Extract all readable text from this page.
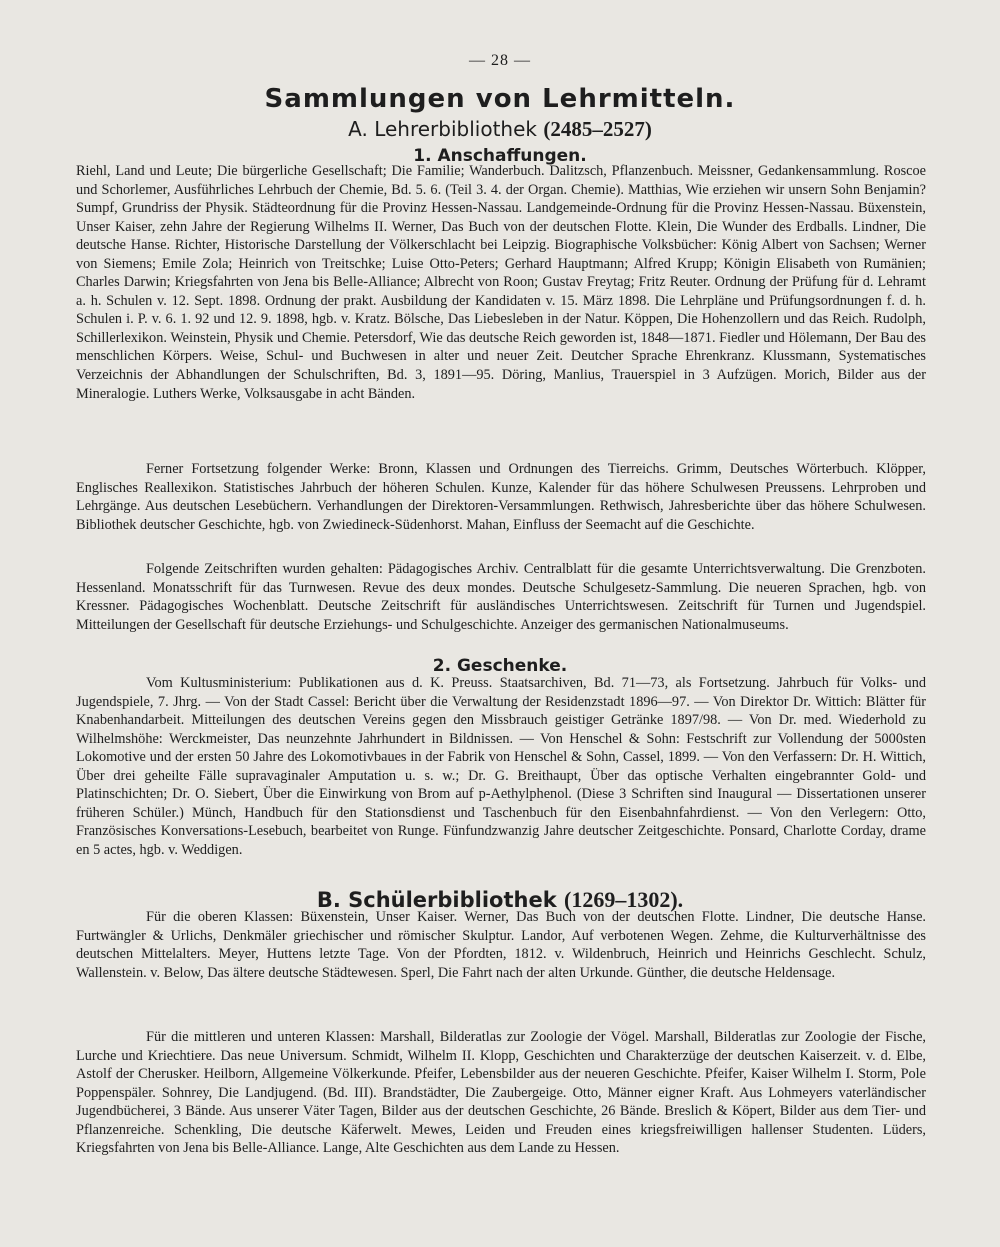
— 28 —
Sammlungen von Lehrmitteln.
A. Lehrerbibliothek (2485–2527)
1. Anschaffungen.

Riehl, Land und Leute; Die bürgerliche Gesellschaft; Die Familie; Wanderbuch. Dalitzsch, Pflanzenbuch. Meissner, Gedankensammlung. Roscoe und Schorlemer, Ausführliches Lehrbuch der Chemie, Bd. 5. 6. (Teil 3. 4. der Organ. Chemie). Matthias, Wie erziehen wir unsern Sohn Benjamin? Sumpf, Grundriss der Physik. Städteordnung für die Provinz Hessen-Nassau. Landgemeinde-Ordnung für die Provinz Hessen-Nassau. Büxenstein, Unser Kaiser, zehn Jahre der Regierung Wilhelms II. Werner, Das Buch von der deutschen Flotte. Klein, Die Wunder des Erdballs. Lindner, Die deutsche Hanse. Richter, Historische Darstellung der Völkerschlacht bei Leipzig. Biographische Volksbücher: König Albert von Sachsen; Werner von Siemens; Emile Zola; Heinrich von Treitschke; Luise Otto-Peters; Gerhard Hauptmann; Alfred Krupp; Königin Elisabeth von Rumänien; Charles Darwin; Kriegsfahrten von Jena bis Belle-Alliance; Albrecht von Roon; Gustav Freytag; Fritz Reuter. Ordnung der Prüfung für d. Lehramt a. h. Schulen v. 12. Sept. 1898. Ordnung der prakt. Ausbildung der Kandidaten v. 15. März 1898. Die Lehrpläne und Prüfungsordnungen f. d. h. Schulen i. P. v. 6. 1. 92 und 12. 9. 1898, hgb. v. Kratz. Bölsche, Das Liebesleben in der Natur. Köppen, Die Hohenzollern und das Reich. Rudolph, Schillerlexikon. Weinstein, Physik und Chemie. Petersdorf, Wie das deutsche Reich geworden ist, 1848—1871. Fiedler und Hölemann, Der Bau des menschlichen Körpers. Weise, Schul- und Buchwesen in alter und neuer Zeit. Deutcher Sprache Ehrenkranz. Klussmann, Systematisches Verzeichnis der Abhandlungen der Schulschriften, Bd. 3, 1891—95. Döring, Manlius, Trauerspiel in 3 Aufzügen. Morich, Bilder aus der Mineralogie. Luthers Werke, Volksausgabe in acht Bänden.

Ferner Fortsetzung folgender Werke: Bronn, Klassen und Ordnungen des Tierreichs. Grimm, Deutsches Wörterbuch. Klöpper, Englisches Reallexikon. Statistisches Jahrbuch der höheren Schulen. Kunze, Kalender für das höhere Schulwesen Preussens. Lehrproben und Lehrgänge. Aus deutschen Lesebüchern. Verhandlungen der Direktoren-Versammlungen. Rethwisch, Jahresberichte über das höhere Schulwesen. Bibliothek deutscher Geschichte, hgb. von Zwiedineck-Südenhorst. Mahan, Einfluss der Seemacht auf die Geschichte.

Folgende Zeitschriften wurden gehalten: Pädagogisches Archiv. Centralblatt für die gesamte Unterrichtsverwaltung. Die Grenzboten. Hessenland. Monatsschrift für das Turnwesen. Revue des deux mondes. Deutsche Schulgesetz-Sammlung. Die neueren Sprachen, hgb. von Kressner. Pädagogisches Wochenblatt. Deutsche Zeitschrift für ausländisches Unterrichtswesen. Zeitschrift für Turnen und Jugendspiel. Mitteilungen der Gesellschaft für deutsche Erziehungs- und Schulgeschichte. Anzeiger des germanischen Nationalmuseums.

2. Geschenke.

Vom Kultusministerium: Publikationen aus d. K. Preuss. Staatsarchiven, Bd. 71—73, als Fortsetzung. Jahrbuch für Volks- und Jugendspiele, 7. Jhrg. — Von der Stadt Cassel: Bericht über die Verwaltung der Residenzstadt 1896—97. — Von Direktor Dr. Wittich: Blätter für Knabenhandarbeit. Mitteilungen des deutschen Vereins gegen den Missbrauch geistiger Getränke 1897/98. — Von Dr. med. Wiederhold zu Wilhelmshöhe: Werckmeister, Das neunzehnte Jahrhundert in Bildnissen. — Von Henschel & Sohn: Festschrift zur Vollendung der 5000sten Lokomotive und der ersten 50 Jahre des Lokomotivbaues in der Fabrik von Henschel & Sohn, Cassel, 1899. — Von den Verfassern: Dr. H. Wittich, Über drei geheilte Fälle supravaginaler Amputation u. s. w.; Dr. G. Breithaupt, Über das optische Verhalten eingebrannter Gold- und Platinschichten; Dr. O. Siebert, Über die Einwirkung von Brom auf p-Aethylphenol. (Diese 3 Schriften sind Inaugural — Dissertationen unserer früheren Schüler.) Münch, Handbuch für den Stationsdienst und Taschenbuch für den Eisenbahnfahrdienst. — Von den Verlegern: Otto, Französisches Konversations-Lesebuch, bearbeitet von Runge. Fünfundzwanzig Jahre deutscher Zeitgeschichte. Ponsard, Charlotte Corday, drame en 5 actes, hgb. v. Weddigen.

B. Schülerbibliothek (1269–1302).

Für die oberen Klassen: Büxenstein, Unser Kaiser. Werner, Das Buch von der deutschen Flotte. Lindner, Die deutsche Hanse. Furtwängler & Urlichs, Denkmäler griechischer und römischer Skulptur. Landor, Auf verbotenen Wegen. Zehme, die Kulturverhältnisse des deutschen Mittelalters. Meyer, Huttens letzte Tage. Von der Pfordten, 1812. v. Wildenbruch, Heinrich und Heinrichs Geschlecht. Schulz, Wallenstein. v. Below, Das ältere deutsche Städtewesen. Sperl, Die Fahrt nach der alten Urkunde. Günther, die deutsche Heldensage.

Für die mittleren und unteren Klassen: Marshall, Bilderatlas zur Zoologie der Vögel. Marshall, Bilderatlas zur Zoologie der Fische, Lurche und Kriechtiere. Das neue Universum. Schmidt, Wilhelm II. Klopp, Geschichten und Charakterzüge der deutschen Kaiserzeit. v. d. Elbe, Astolf der Cherusker. Heilborn, Allgemeine Völkerkunde. Pfeifer, Lebensbilder aus der neueren Geschichte. Pfeifer, Kaiser Wilhelm I. Storm, Pole Poppenspäler. Sohnrey, Die Landjugend. (Bd. III). Brandstädter, Die Zaubergeige. Otto, Männer eigner Kraft. Aus Lohmeyers vaterländischer Jugendbücherei, 3 Bände. Aus unserer Väter Tagen, Bilder aus der deutschen Geschichte, 26 Bände. Breslich & Köpert, Bilder aus dem Tier- und Pflanzenreiche. Schenkling, Die deutsche Käferwelt. Mewes, Leiden und Freuden eines kriegsfreiwilligen hallenser Studenten. Lüders, Kriegsfahrten von Jena bis Belle-Alliance. Lange, Alte Geschichten aus dem Lande zu Hessen.
